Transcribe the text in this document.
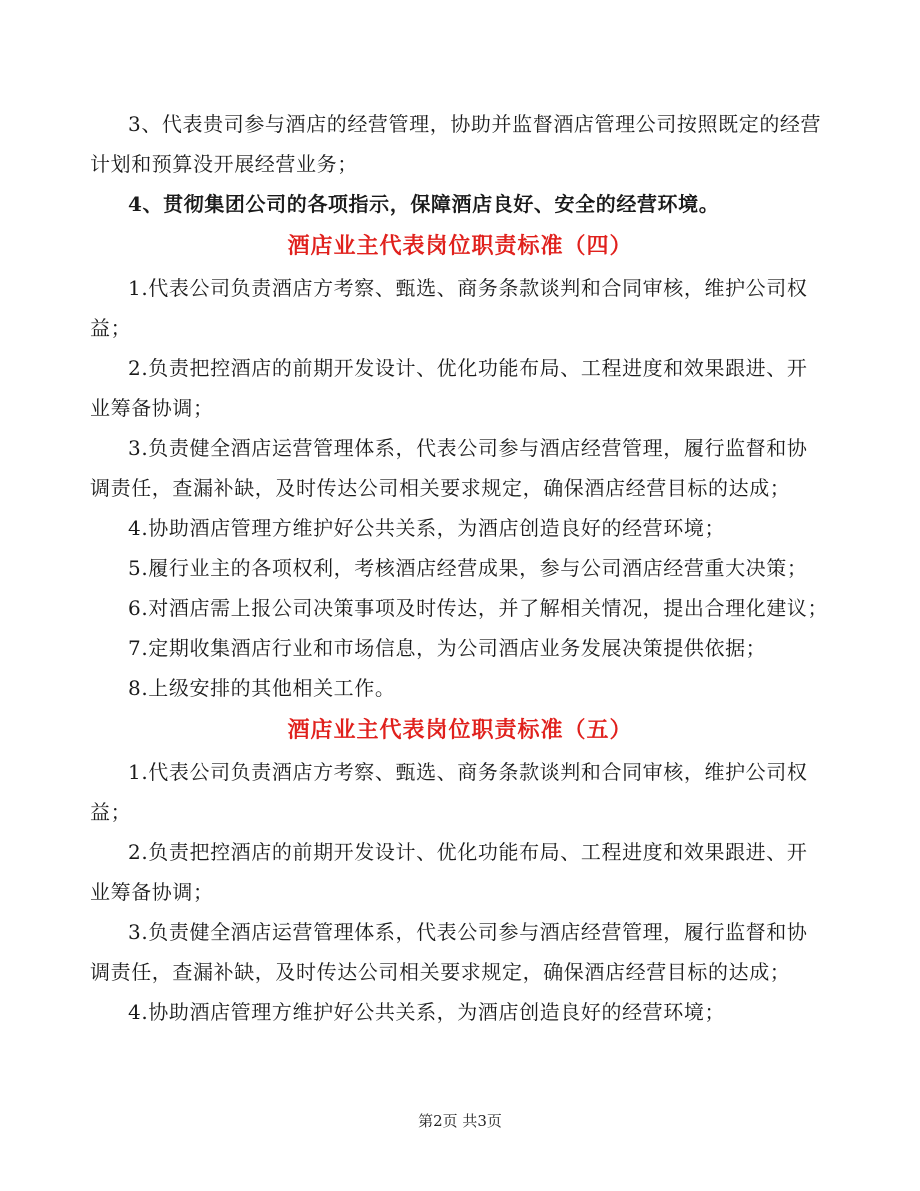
3、代表贵司参与酒店的经营管理，协助并监督酒店管理公司按照既定的经营
计划和预算没开展经营业务；
4、贯彻集团公司的各项指示，保障酒店良好、安全的经营环境。
酒店业主代表岗位职责标准（四）
1.代表公司负责酒店方考察、甄选、商务条款谈判和合同审核，维护公司权
益；
2.负责把控酒店的前期开发设计、优化功能布局、工程进度和效果跟进、开
业筹备协调；
3.负责健全酒店运营管理体系，代表公司参与酒店经营管理，履行监督和协
调责任，查漏补缺，及时传达公司相关要求规定，确保酒店经营目标的达成；
4.协助酒店管理方维护好公共关系，为酒店创造良好的经营环境；
5.履行业主的各项权利，考核酒店经营成果，参与公司酒店经营重大决策；
6.对酒店需上报公司决策事项及时传达，并了解相关情况，提出合理化建议；
7.定期收集酒店行业和市场信息，为公司酒店业务发展决策提供依据；
8.上级安排的其他相关工作。
酒店业主代表岗位职责标准（五）
1.代表公司负责酒店方考察、甄选、商务条款谈判和合同审核，维护公司权
益；
2.负责把控酒店的前期开发设计、优化功能布局、工程进度和效果跟进、开
业筹备协调；
3.负责健全酒店运营管理体系，代表公司参与酒店经营管理，履行监督和协
调责任，查漏补缺，及时传达公司相关要求规定，确保酒店经营目标的达成；
4.协助酒店管理方维护好公共关系，为酒店创造良好的经营环境；
第2页 共3页
